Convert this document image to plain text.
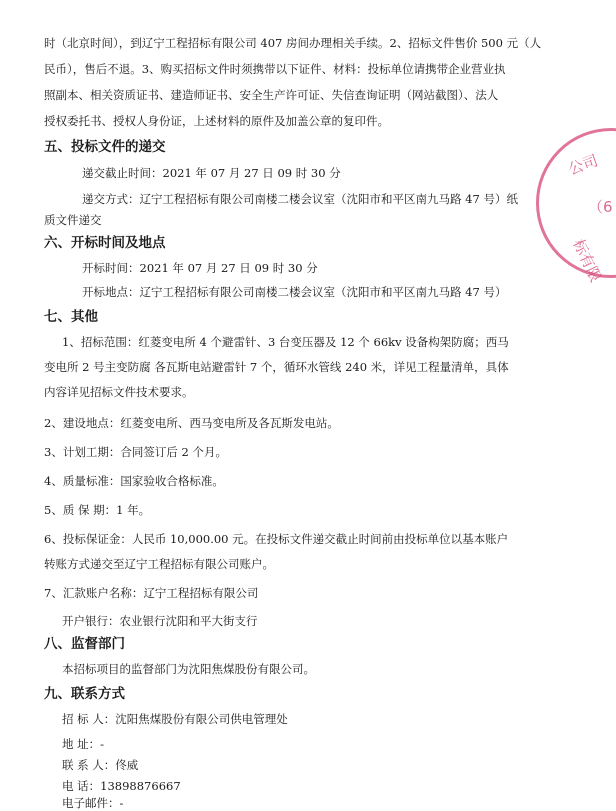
时（北京时间），到辽宁工程招标有限公司 407 房间办理相关手续。2、招标文件售价 500 元（人
民币），售后不退。3、购买招标文件时须携带以下证件、材料：投标单位请携带企业营业执
照副本、相关资质证书、建造师证书、安全生产许可证、失信查询证明（网站截图）、法人
授权委托书、授权人身份证，上述材料的原件及加盖公章的复印件。
五、投标文件的递交
递交截止时间：2021 年 07 月 27 日 09 时 30 分
递交方式：辽宁工程招标有限公司南楼二楼会议室（沈阳市和平区南九马路 47 号）纸
质文件递交
六、开标时间及地点
开标时间：2021 年 07 月 27 日 09 时 30 分
开标地点：辽宁工程招标有限公司南楼二楼会议室（沈阳市和平区南九马路 47 号）
七、其他
1、招标范围：红菱变电所 4 个避雷针、3 台变压器及 12 个 66kv 设备构架防腐；西马
变电所 2 号主变防腐 各瓦斯电站避雷针 7 个，循环水管线 240 米，详见工程量清单，具体
内容详见招标文件技术要求。
2、建设地点：红菱变电所、西马变电所及各瓦斯发电站。
3、计划工期：合同签订后 2 个月。
4、质量标准：国家验收合格标准。
5、质 保 期：1 年。
6、投标保证金：人民币 10,000.00 元。在投标文件递交截止时间前由投标单位以基本账户
转账方式递交至辽宁工程招标有限公司账户。
7、汇款账户名称：辽宁工程招标有限公司
开户银行：农业银行沈阳和平大街支行
八、监督部门
本招标项目的监督部门为沈阳焦煤股份有限公司。
九、联系方式
招 标 人：沈阳焦煤股份有限公司供电管理处
地 址：-
联 系 人：佟威
电 话：13898876667
电子邮件：-
公司
标有限
（6
